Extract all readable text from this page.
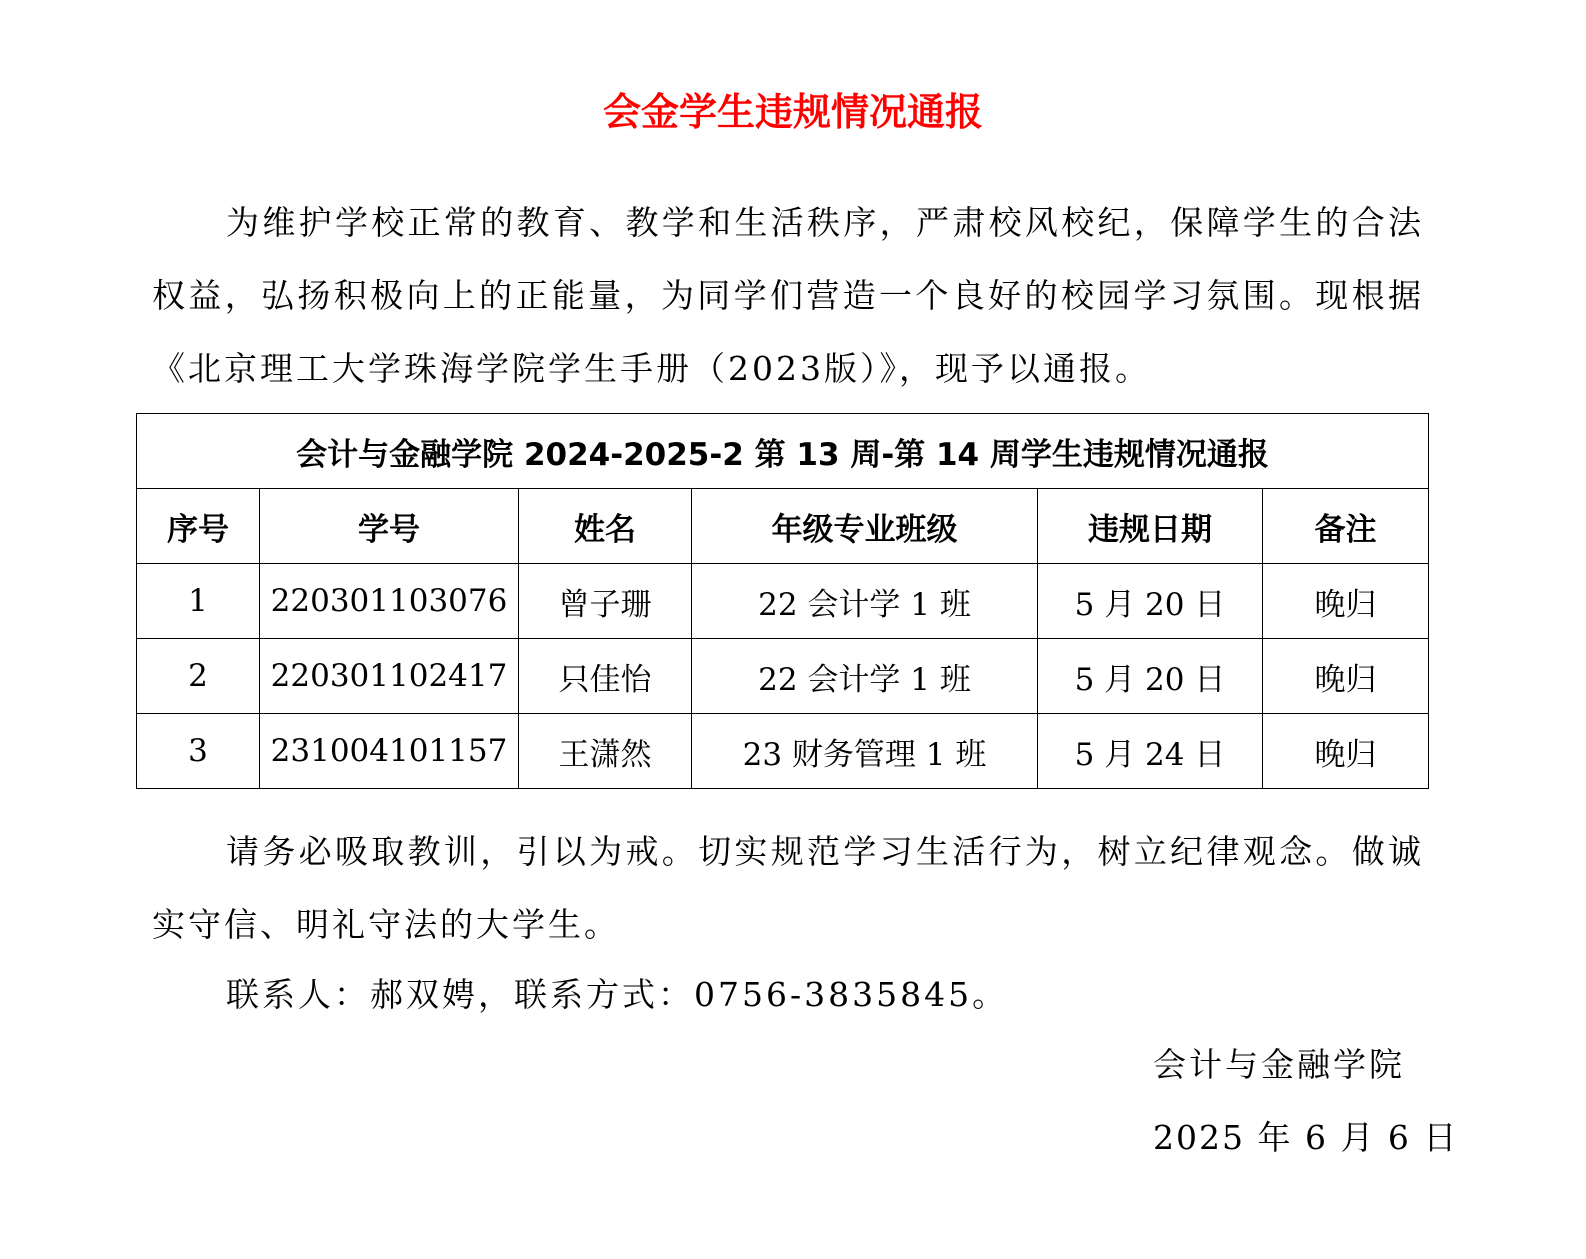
会金学生违规情况通报

为维护学校正常的教育、教学和生活秩序，严肃校风校纪，保障学生的合法权益，弘扬积极向上的正能量，为同学们营造一个良好的校园学习氛围。现根据《北京理工大学珠海学院学生手册（2023版）》，现予以通报。

会计与金融学院 2024-2025-2 第 13 周-第 14 周学生违规情况通报					
序号	学号	姓名	年级专业班级	违规日期	备注
1	220301103076	曾子珊	22 会计学 1 班	5 月 20 日	晚归
2	220301102417	只佳怡	22 会计学 1 班	5 月 20 日	晚归
3	231004101157	王潇然	23 财务管理 1 班	5 月 24 日	晚归

请务必吸取教训，引以为戒。切实规范学习生活行为，树立纪律观念。做诚实守信、明礼守法的大学生。

联系人：郝双娉，联系方式：0756-3835845。
会计与金融学院
2025 年 6 月 6 日
